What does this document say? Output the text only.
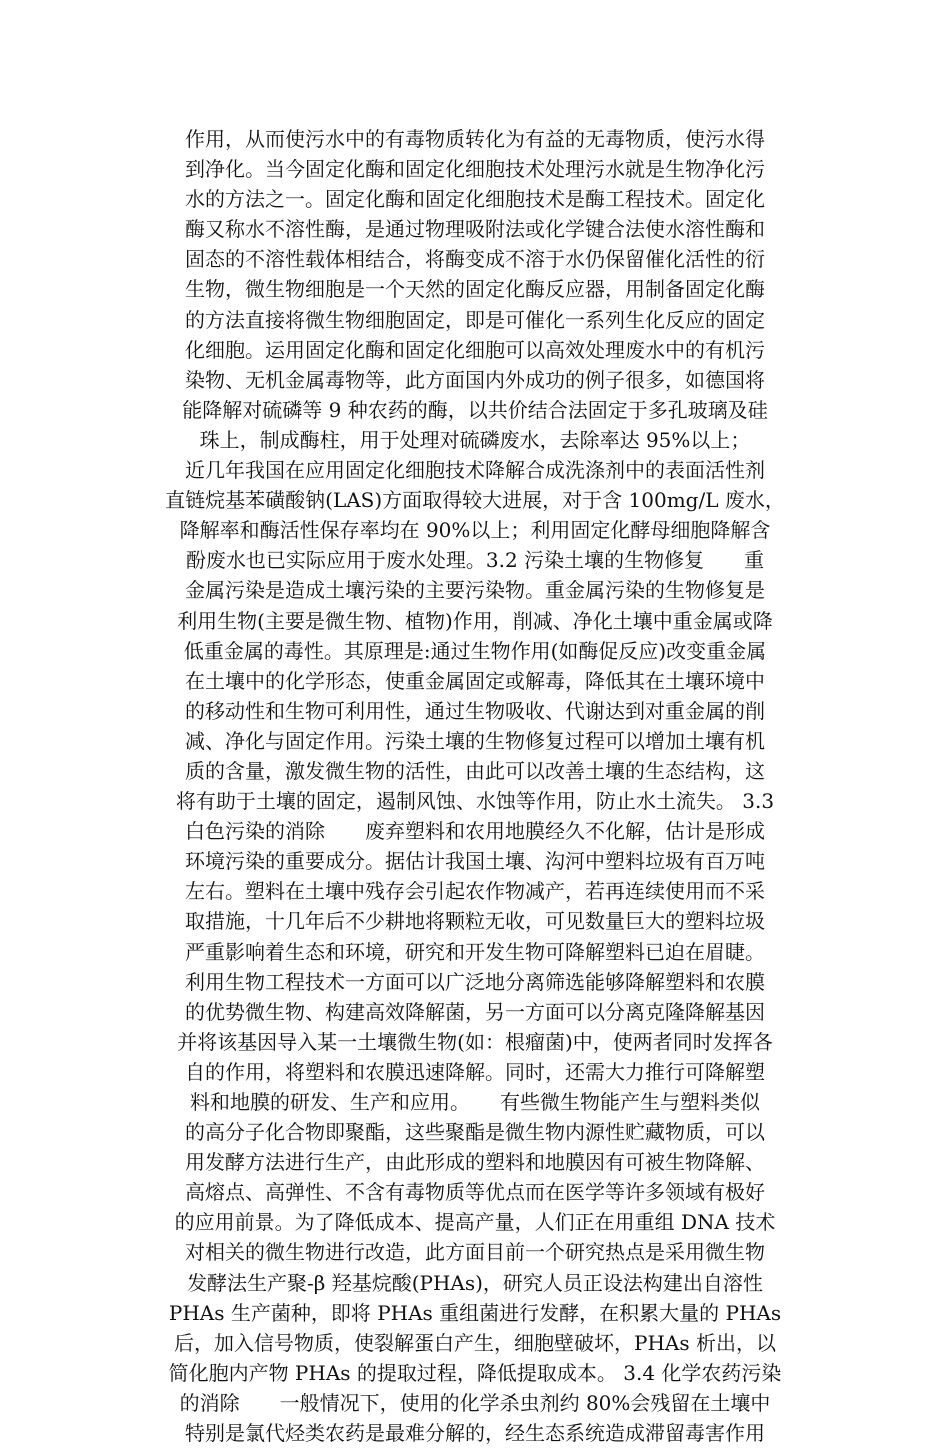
作用，从而使污水中的有毒物质转化为有益的无毒物质，使污水得
到净化。当今固定化酶和固定化细胞技术处理污水就是生物净化污
水的方法之一。固定化酶和固定化细胞技术是酶工程技术。固定化
酶又称水不溶性酶，是通过物理吸附法或化学键合法使水溶性酶和
固态的不溶性载体相结合，将酶变成不溶于水仍保留催化活性的衍
生物，微生物细胞是一个天然的固定化酶反应器，用制备固定化酶
的方法直接将微生物细胞固定，即是可催化一系列生化反应的固定
化细胞。运用固定化酶和固定化细胞可以高效处理废水中的有机污
染物、无机金属毒物等，此方面国内外成功的例子很多，如德国将
能降解对硫磷等 9 种农药的酶，以共价结合法固定于多孔玻璃及硅
珠上，制成酶柱，用于处理对硫磷废水，去除率达 95%以上；
近几年我国在应用固定化细胞技术降解合成洗涤剂中的表面活性剂
直链烷基苯磺酸钠(LAS)方面取得较大进展，对于含 100mg/L 废水，
降解率和酶活性保存率均在 90%以上；利用固定化酵母细胞降解含
酚废水也已实际应用于废水处理。3.2 污染土壤的生物修复　　重
金属污染是造成土壤污染的主要污染物。重金属污染的生物修复是
利用生物(主要是微生物、植物)作用，削减、净化土壤中重金属或降
低重金属的毒性。其原理是:通过生物作用(如酶促反应)改变重金属
在土壤中的化学形态，使重金属固定或解毒，降低其在土壤环境中
的移动性和生物可利用性，通过生物吸收、代谢达到对重金属的削
减、净化与固定作用。污染土壤的生物修复过程可以增加土壤有机
质的含量，激发微生物的活性，由此可以改善土壤的生态结构，这
将有助于土壤的固定，遏制风蚀、水蚀等作用，防止水土流失。 3.3
白色污染的消除　　废弃塑料和农用地膜经久不化解，估计是形成
环境污染的重要成分。据估计我国土壤、沟河中塑料垃圾有百万吨
左右。塑料在土壤中残存会引起农作物减产，若再连续使用而不采
取措施，十几年后不少耕地将颗粒无收，可见数量巨大的塑料垃圾
严重影响着生态和环境，研究和开发生物可降解塑料已迫在眉睫。
利用生物工程技术一方面可以广泛地分离筛选能够降解塑料和农膜
的优势微生物、构建高效降解菌，另一方面可以分离克隆降解基因
并将该基因导入某一土壤微生物(如：根瘤菌)中，使两者同时发挥各
自的作用，将塑料和农膜迅速降解。同时，还需大力推行可降解塑
料和地膜的研发、生产和应用。　　有些微生物能产生与塑料类似
的高分子化合物即聚酯，这些聚酯是微生物内源性贮藏物质，可以
用发酵方法进行生产，由此形成的塑料和地膜因有可被生物降解、
高熔点、高弹性、不含有毒物质等优点而在医学等许多领域有极好
的应用前景。为了降低成本、提高产量，人们正在用重组 DNA 技术
对相关的微生物进行改造，此方面目前一个研究热点是采用微生物
发酵法生产聚-β 羟基烷酸(PHAs)，研究人员正设法构建出自溶性
PHAs 生产菌种，即将 PHAs 重组菌进行发酵，在积累大量的 PHAs
后，加入信号物质，使裂解蛋白产生，细胞壁破坏，PHAs 析出，以
简化胞内产物 PHAs 的提取过程，降低提取成本。 3.4 化学农药污染
的消除　　一般情况下，使用的化学杀虫剂约 80%会残留在土壤中
特别是氯代烃类农药是最难分解的，经生态系统造成滞留毒害作用
